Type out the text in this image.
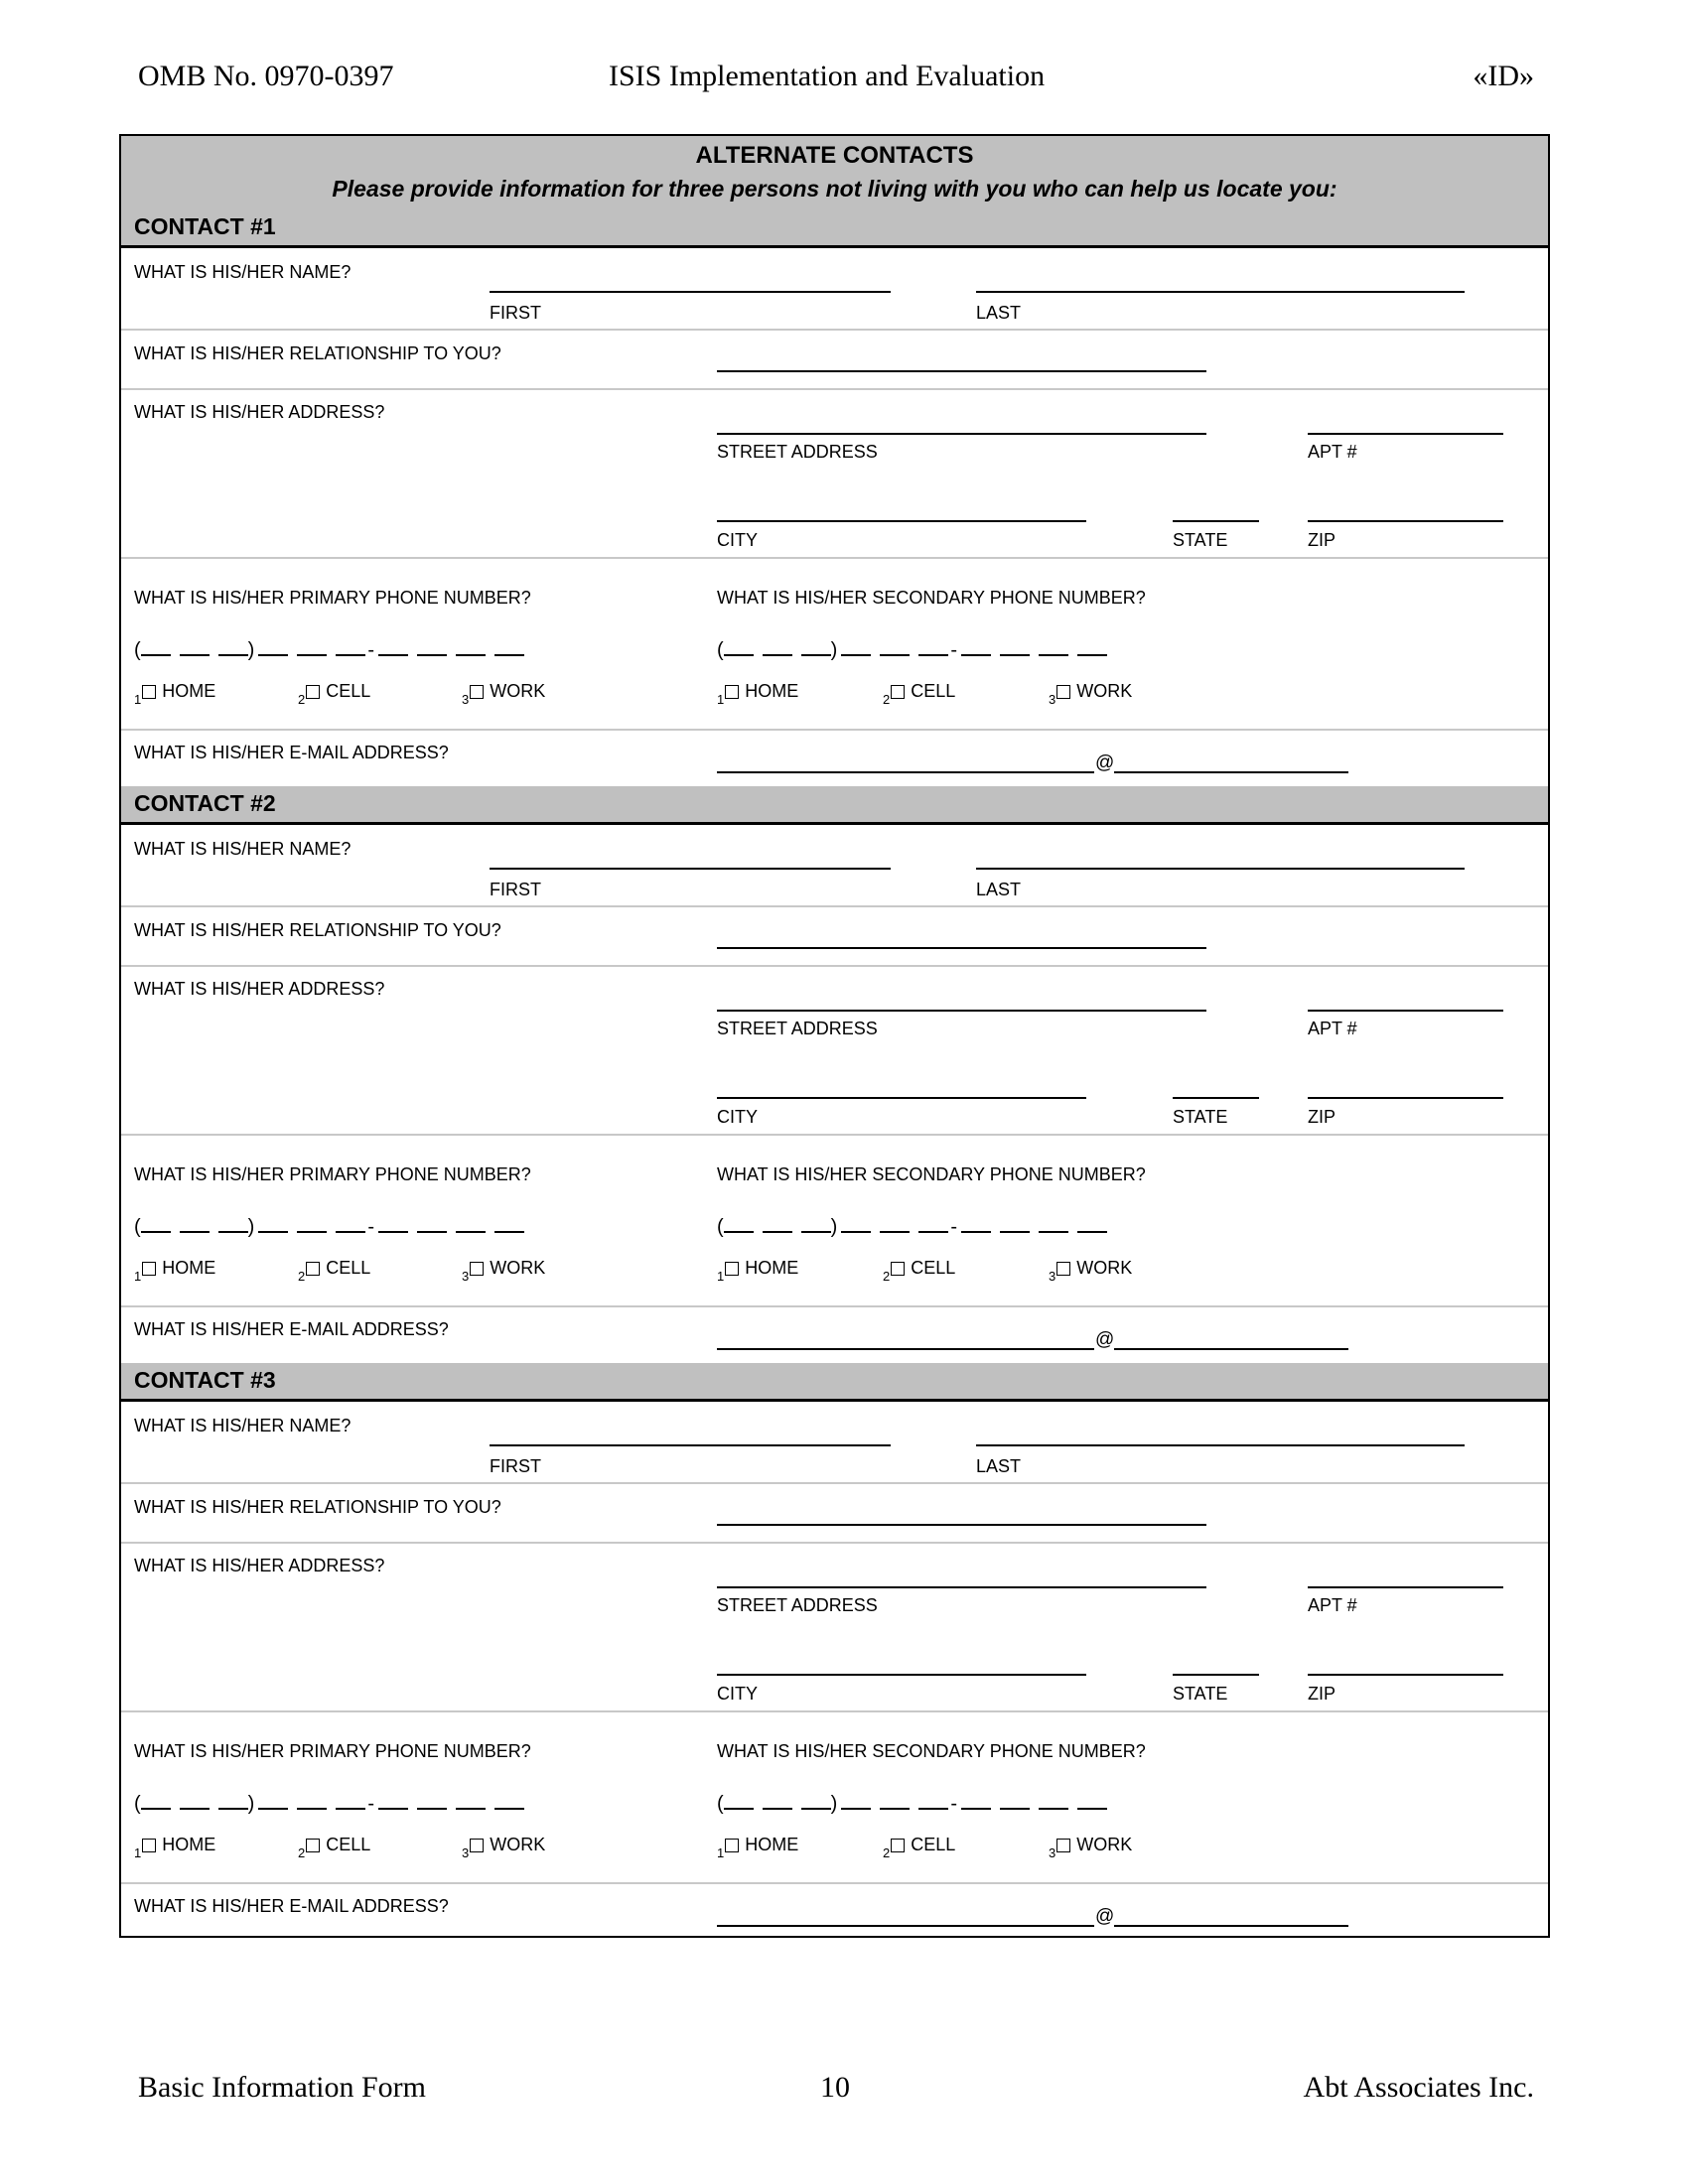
OMB No. 0970-0397	ISIS Implementation and Evaluation	«ID»
ALTERNATE CONTACTS
Please provide information for three persons not living with you who can help us locate you:
CONTACT #1
WHAT IS HIS/HER NAME?
FIRST	LAST
WHAT IS HIS/HER RELATIONSHIP TO YOU?
WHAT IS HIS/HER ADDRESS?
STREET ADDRESS	APT #
CITY	STATE	ZIP
WHAT IS HIS/HER PRIMARY PHONE NUMBER?	WHAT IS HIS/HER SECONDARY PHONE NUMBER?
(	)	-	(	)	-
$_1$ HOME	$_2$ CELL	$_3$ WORK	$_1$ HOME	$_2$ CELL	$_3$ WORK
WHAT IS HIS/HER E-MAIL ADDRESS?	@
CONTACT #2
WHAT IS HIS/HER NAME?
FIRST	LAST
WHAT IS HIS/HER RELATIONSHIP TO YOU?
WHAT IS HIS/HER ADDRESS?
STREET ADDRESS	APT #
CITY	STATE	ZIP
WHAT IS HIS/HER PRIMARY PHONE NUMBER?	WHAT IS HIS/HER SECONDARY PHONE NUMBER?
(	)	-	(	)	-
$_1$ HOME	$_2$ CELL	$_3$ WORK	$_1$ HOME	$_2$ CELL	$_3$ WORK
WHAT IS HIS/HER E-MAIL ADDRESS?	@
CONTACT #3
WHAT IS HIS/HER NAME?
FIRST	LAST
WHAT IS HIS/HER RELATIONSHIP TO YOU?
WHAT IS HIS/HER ADDRESS?
STREET ADDRESS	APT #
CITY	STATE	ZIP
WHAT IS HIS/HER PRIMARY PHONE NUMBER?	WHAT IS HIS/HER SECONDARY PHONE NUMBER?
(	)	-	(	)	-
$_1$ HOME	$_2$ CELL	$_3$ WORK	$_1$ HOME	$_2$ CELL	$_3$ WORK
WHAT IS HIS/HER E-MAIL ADDRESS?	@
Basic Information Form	10	Abt Associates Inc.
